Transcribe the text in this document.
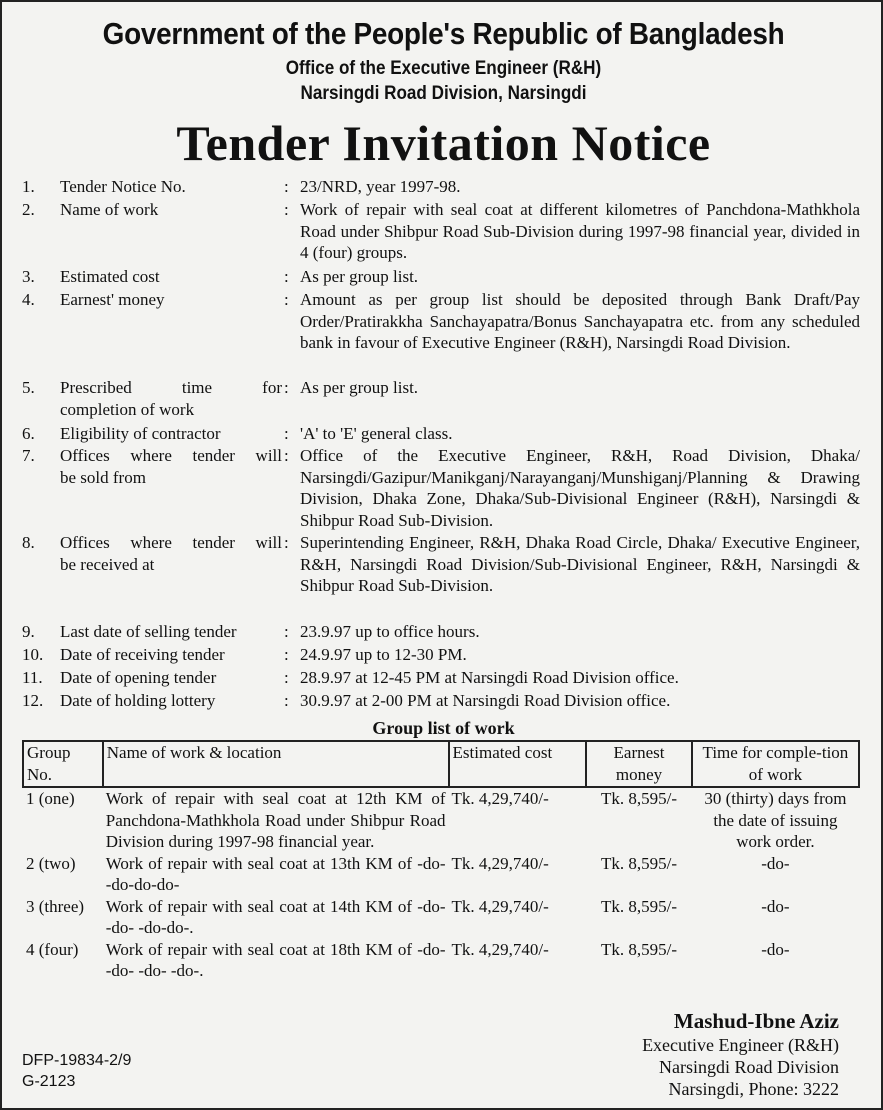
Government of the People's Republic of Bangladesh
Office of the Executive Engineer (R&H)
Narsingdi Road Division, Narsingdi
Tender Invitation Notice
1.	Tender Notice No.	: 23/NRD, year 1997-98.
2.	Name of work	: Work of repair with seal coat at different kilometres of Panchdona-Mathkhola Road under Shibpur Road Sub-Division during 1997-98 financial year, divided in 4 (four) groups.
3.	Estimated cost	: As per group list.
4.	Earnest' money	: Amount as per group list should be deposited through Bank Draft/Pay Order/Pratirakkha Sanchayapatra/Bonus Sanchayapatra etc. from any scheduled bank in favour of Executive Engineer (R&H), Narsingdi Road Division.
5.	Prescribed time for
completion of work
: As per group list.
6.	Eligibility of contractor	: 'A' to 'E' general class.
7.	Offices where tender will
be sold from
: Office of the Executive Engineer, R&H, Road Division, Dhaka/ Narsingdi/Gazipur/Manikganj/Narayanganj/Munshiganj/Planning & Drawing Division, Dhaka Zone, Dhaka/Sub-Divisional Engineer (R&H), Narsingdi & Shibpur Road Sub-Division.
8.	Offices where tender will
be received at
: Superintending Engineer, R&H, Dhaka Road Circle, Dhaka/ Executive Engineer, R&H, Narsingdi Road Division/Sub-Divisional Engineer, R&H, Narsingdi & Shibpur Road Sub-Division.
9.	Last date of selling tender	: 23.9.97 up to office hours.
10. Date of receiving tender	: 24.9.97 up to 12-30 PM.
11.	Date of opening tender	: 28.9.97 at 12-45 PM at Narsingdi Road Division office.
12. Date of holding lottery	: 30.9.97 at 2-00 PM at Narsingdi Road Division office.
Group list of work
Group No.	Name of work & location	Estimated cost	Earnest money	Time for comple-tion of work
1 (one)	Work of repair with seal coat at 12th KM of Panchdona-Mathkhola Road under Shibpur Road Division during 1997-98 financial year.	Tk. 4,29,740/-	Tk. 8,595/-	30 (thirty) days from the date of issuing work order.
2 (two)	Work of repair with seal coat at 13th KM of -do- -do-do-do-	Tk. 4,29,740/-	Tk. 8,595/-	-do-
3 (three)	Work of repair with seal coat at 14th KM of -do- -do- -do-do-.	Tk. 4,29,740/-	Tk. 8,595/-	-do-
4 (four)	Work of repair with seal coat at 18th KM of -do- -do- -do- -do-.	Tk. 4,29,740/-	Tk. 8,595/-	-do-
Mashud-Ibne Aziz
Executive Engineer (R&H)
Narsingdi Road Division
Narsingdi, Phone: 3222
DFP-19834-2/9
G-2123
